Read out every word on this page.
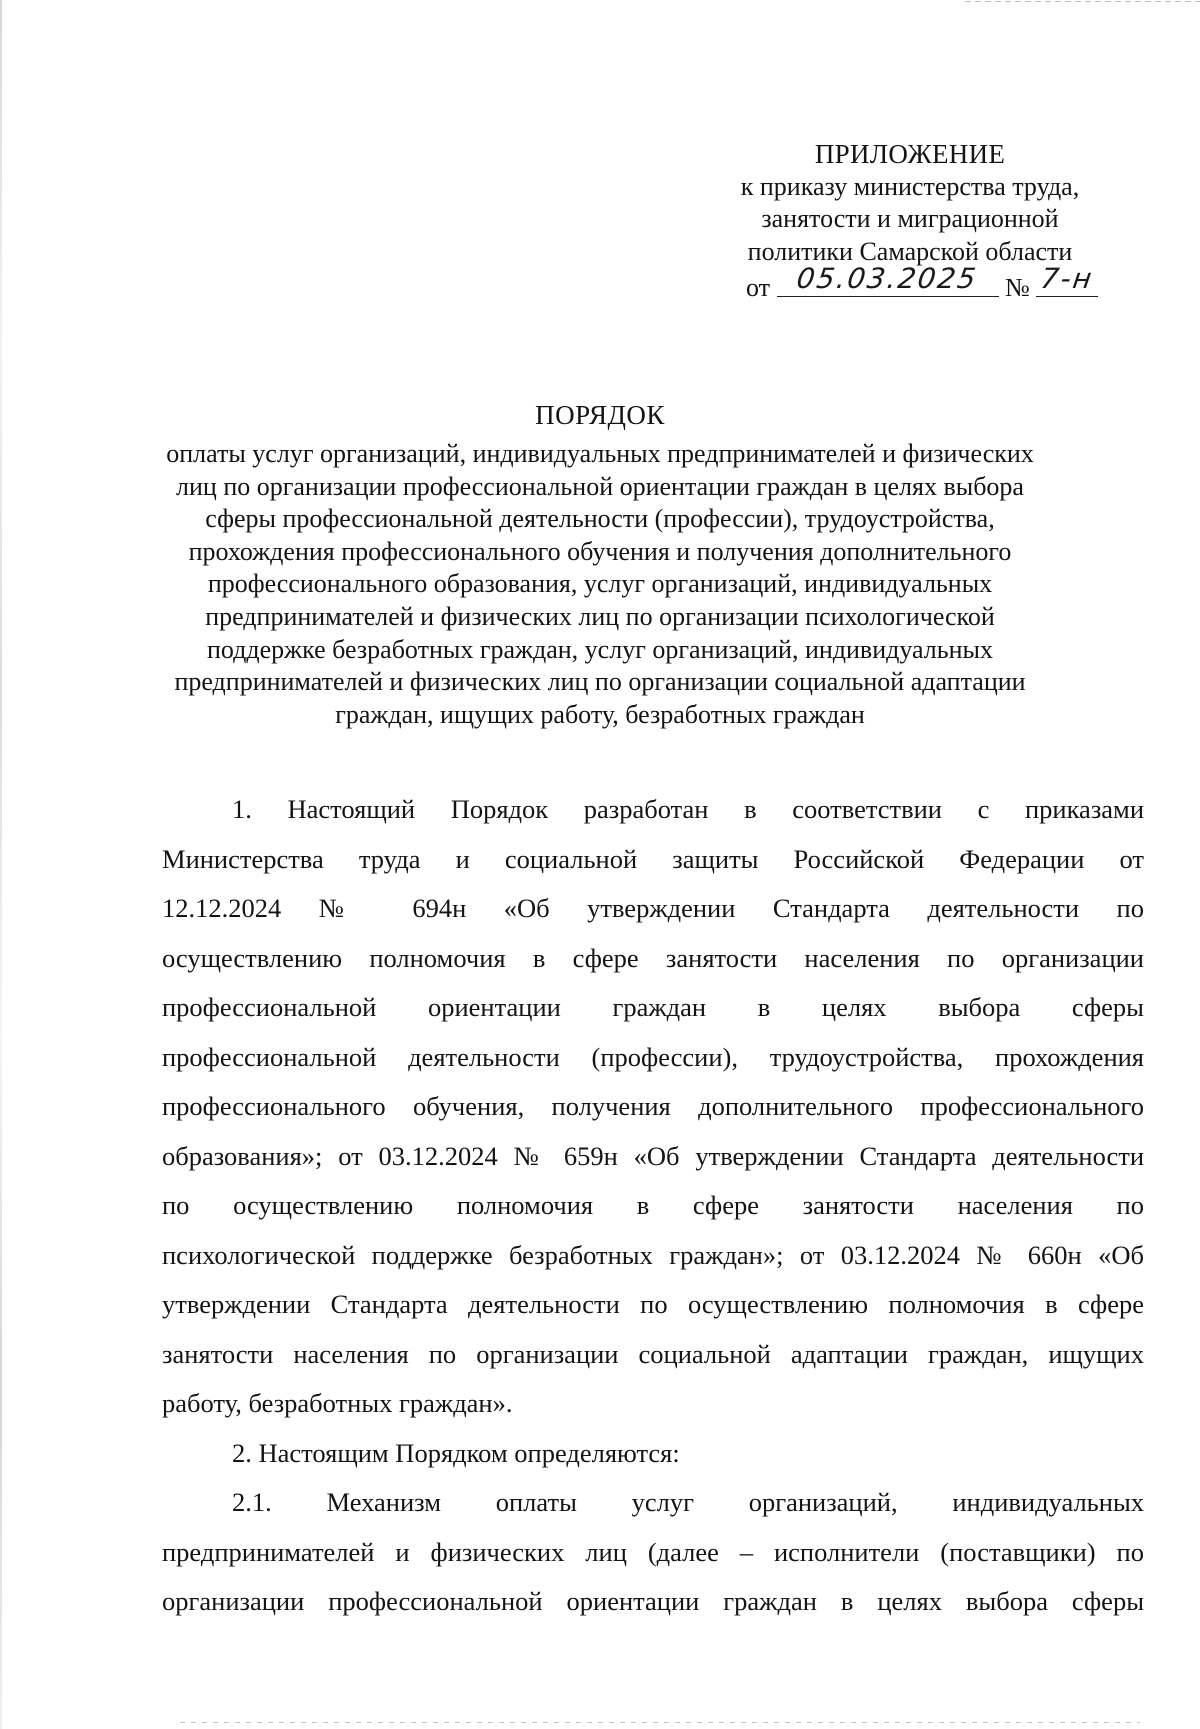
ПРИЛОЖЕНИЕ
к приказу министерства труда,
занятости и миграционной
политики Самарской области
от 05.03.2025 № 7-н
ПОРЯДОК
оплаты услуг организаций, индивидуальных предпринимателей и физических
лиц по организации профессиональной ориентации граждан в целях выбора
сферы профессиональной деятельности (профессии), трудоустройства,
прохождения профессионального обучения и получения дополнительного
профессионального образования, услуг организаций, индивидуальных
предпринимателей и физических лиц по организации психологической
поддержке безработных граждан, услуг организаций, индивидуальных
предпринимателей и физических лиц по организации социальной адаптации
граждан, ищущих работу, безработных граждан
1. Настоящий Порядок разработан в соответствии с приказами
Министерства труда и социальной защиты Российской Федерации от
12.12.2024 № 694н «Об утверждении Стандарта деятельности по
осуществлению полномочия в сфере занятости населения по организации
профессиональной ориентации граждан в целях выбора сферы
профессиональной деятельности (профессии), трудоустройства, прохождения
профессионального обучения, получения дополнительного профессионального
образования»; от 03.12.2024 № 659н «Об утверждении Стандарта деятельности
по осуществлению полномочия в сфере занятости населения по
психологической поддержке безработных граждан»; от 03.12.2024 № 660н «Об
утверждении Стандарта деятельности по осуществлению полномочия в сфере
занятости населения по организации социальной адаптации граждан, ищущих
работу, безработных граждан».
2. Настоящим Порядком определяются:
2.1. Механизм оплаты услуг организаций, индивидуальных
предпринимателей и физических лиц (далее – исполнители (поставщики) по
организации профессиональной ориентации граждан в целях выбора сферы
